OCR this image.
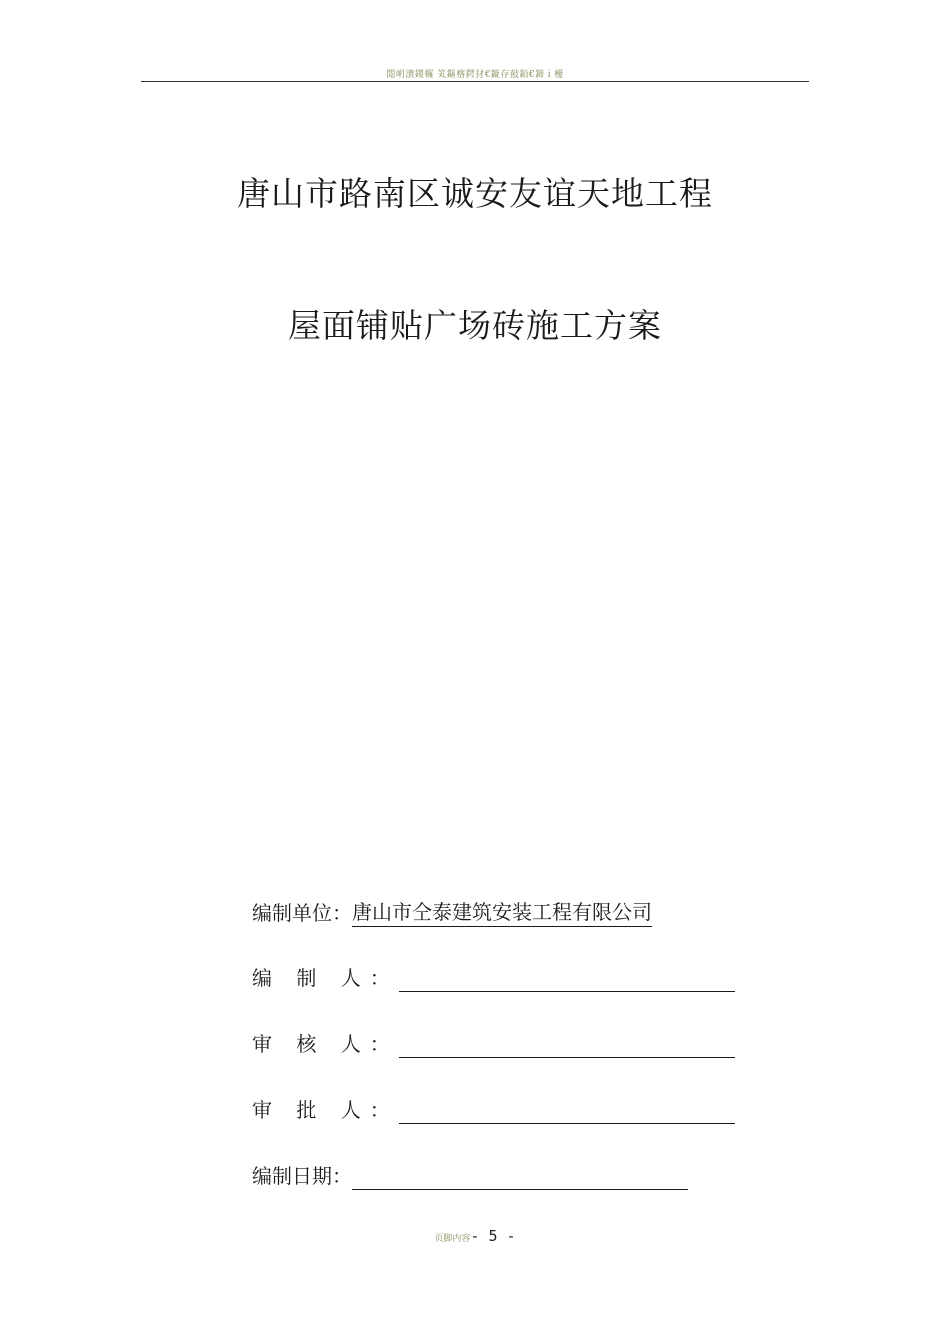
閲岄潰鍐欏 笂鏂楁鍔犲€鏇存敼銆€鍗ｉ櫌
唐山市路南区诚安友谊天地工程
屋面铺贴广场砖施工方案
编制单位：唐山市仝泰建筑安装工程有限公司
编 制 人：
审 核 人：
审 批 人：
编制日期：
页脚内容- 5 -
